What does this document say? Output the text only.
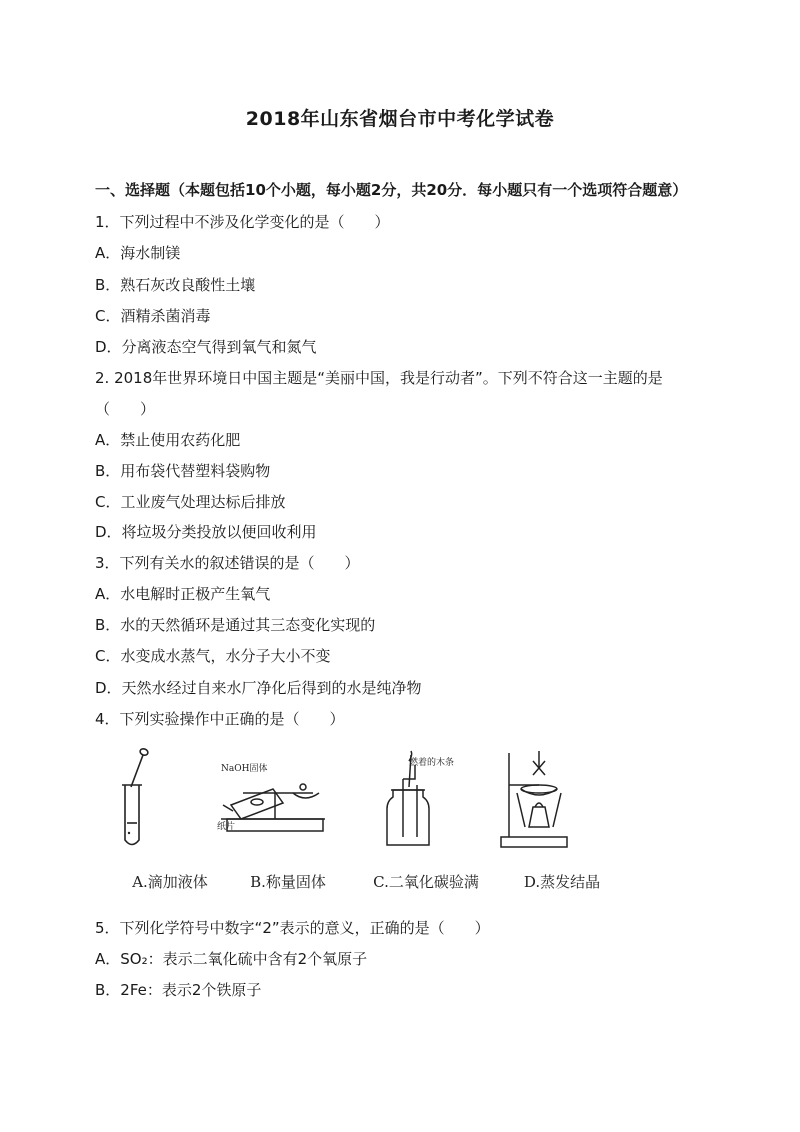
2018年山东省烟台市中考化学试卷
一、选择题（本题包括10个小题，每小题2分，共20分．每小题只有一个选项符合题意）
1．下列过程中不涉及化学变化的是（　　）
A．海水制镁
B．熟石灰改良酸性土壤
C．酒精杀菌消毒
D．分离液态空气得到氧气和氮气
2. 2018年世界环境日中国主题是“美丽中国，我是行动者”。下列不符合这一主题的是
（　　）
A．禁止使用农药化肥
B．用布袋代替塑料袋购物
C．工业废气处理达标后排放
D．将垃圾分类投放以便回收利用
3．下列有关水的叙述错误的是（　　）
A．水电解时正极产生氧气
B．水的天然循环是通过其三态变化实现的
C．水变成水蒸气，水分子大小不变
D．天然水经过自来水厂净化后得到的水是纯净物
4．下列实验操作中正确的是（　　）
A.滴加液体
NaOH固体
纸片
B.称量固体
燃着的木条
C.二氧化碳验满	D.蒸发结晶
5．下列化学符号中数字“2”表示的意义，正确的是（　　）
A．SO₂：表示二氧化硫中含有2个氧原子
B．2Fe：表示2个铁原子
